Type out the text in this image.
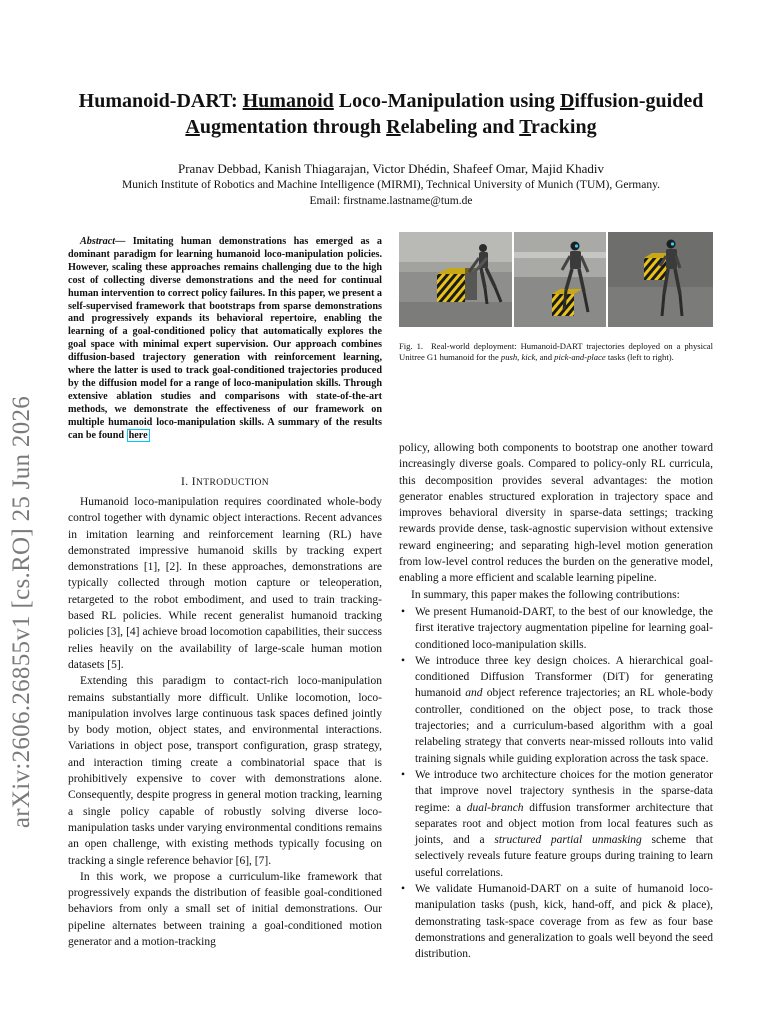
arXiv:2606.26855v1 [cs.RO] 25 Jun 2026
Humanoid-DART: Humanoid Loco-Manipulation using Diffusion-guided
Augmentation through Relabeling and Tracking
Pranav Debbad, Kanish Thiagarajan, Victor Dhédin, Shafeef Omar, Majid Khadiv
Munich Institute of Robotics and Machine Intelligence (MIRMI), Technical University of Munich (TUM), Germany.
Email: firstname.lastname@tum.de

Abstract— Imitating human demonstrations has emerged as a dominant paradigm for learning humanoid loco-manipulation policies. However, scaling these approaches remains challenging due to the high cost of collecting diverse demonstrations and the need for continual human intervention to correct policy failures. In this paper, we present a self-supervised framework that bootstraps from sparse demonstrations and progressively expands its behavioral repertoire, enabling the learning of a goal-conditioned policy that automatically explores the goal space with minimal expert supervision. Our approach combines diffusion-based trajectory generation with reinforcement learning, where the latter is used to track goal-conditioned trajectories produced by the diffusion model for a range of loco-manipulation skills. Through extensive ablation studies and comparisons with state-of-the-art methods, we demonstrate the effectiveness of our framework on multiple humanoid loco-manipulation skills. A summary of the results can be found here

I. INTRODUCTION

Humanoid loco-manipulation requires coordinated whole-body control together with dynamic object interactions. Recent advances in imitation learning and reinforcement learning (RL) have demonstrated impressive humanoid skills by tracking expert demonstrations [1], [2]. In these approaches, demonstrations are typically collected through motion capture or teleoperation, retargeted to the robot embodiment, and used to train tracking-based RL policies. While recent generalist humanoid tracking policies [3], [4] achieve broad locomotion capabilities, their success relies heavily on the availability of large-scale human motion datasets [5].

Extending this paradigm to contact-rich loco-manipulation remains substantially more difficult. Unlike locomotion, loco-manipulation involves large continuous task spaces defined jointly by body motion, object states, and environmental interactions. Variations in object pose, transport configuration, grasp strategy, and interaction timing create a combinatorial space that is prohibitively expensive to cover with demonstrations alone. Consequently, despite progress in general motion tracking, learning a single policy capable of robustly solving diverse loco-manipulation tasks under varying environmental conditions remains an open challenge, with existing methods typically focusing on tracking a single reference behavior [6], [7].

In this work, we propose a curriculum-like framework that progressively expands the distribution of feasible goal-conditioned behaviors from only a small set of initial demonstrations. Our pipeline alternates between training a goal-conditioned motion generator and a motion-tracking

Fig. 1. Real-world deployment: Humanoid-DART trajectories deployed on a physical Unitree G1 humanoid for the push, kick, and pick-and-place tasks (left to right).

policy, allowing both components to bootstrap one another toward increasingly diverse goals. Compared to policy-only RL curricula, this decomposition provides several advantages: the motion generator enables structured exploration in trajectory space and improves behavioral diversity in sparse-data settings; tracking rewards provide dense, task-agnostic supervision without extensive reward engineering; and separating high-level motion generation from low-level control reduces the burden on the generative model, enabling a more efficient and scalable learning pipeline.

In summary, this paper makes the following contributions:

• We present Humanoid-DART, to the best of our knowledge, the first iterative trajectory augmentation pipeline for learning goal-conditioned loco-manipulation skills.
• We introduce three key design choices. A hierarchical goal-conditioned Diffusion Transformer (DiT) for generating humanoid and object reference trajectories; an RL whole-body controller, conditioned on the object pose, to track those trajectories; and a curriculum-based algorithm with a goal relabeling strategy that converts near-missed rollouts into valid training signals while guiding exploration across the task space.
• We introduce two architecture choices for the motion generator that improve novel trajectory synthesis in the sparse-data regime: a dual-branch diffusion transformer architecture that separates root and object motion from local features such as joints, and a structured partial unmasking scheme that selectively reveals future feature groups during training to learn useful correlations.
• We validate Humanoid-DART on a suite of humanoid loco-manipulation tasks (push, kick, hand-off, and pick & place), demonstrating task-space coverage from as few as four base demonstrations and generalization to goals well beyond the seed distribution.
